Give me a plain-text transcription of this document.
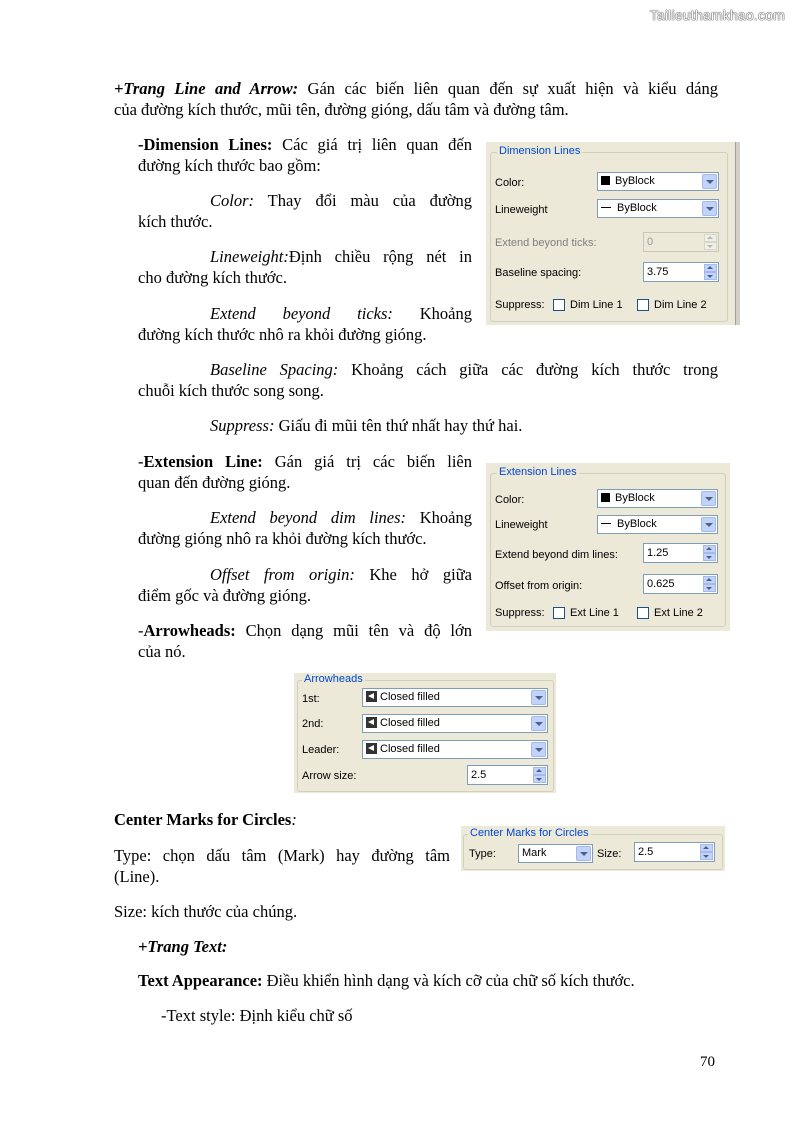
Tailieuthamkhao.com
+Trang Line and Arrow: Gán các biến liên quan đến sự xuất hiện và kiểu dáng
của đường kích thước, mũi tên, đường gióng, dấu tâm và đường tâm.
-Dimension Lines: Các giá trị liên quan đến
đường kích thước bao gồm:
Color: Thay đổi màu của đường
kích thước.
Lineweight:Định chiều rộng nét in
cho đường kích thước.
Extend beyond ticks: Khoảng
đường kích thước nhô ra khỏi đường gióng.
Baseline Spacing: Khoảng cách giữa các đường kích thước trong
chuỗi kích thước song song.
Suppress: Giấu đi mũi tên thứ nhất hay thứ hai.
-Extension Line: Gán giá trị các biến liên
quan đến đường gióng.
Extend beyond dim lines: Khoảng
đường gióng nhô ra khỏi đường kích thước.
Offset from origin: Khe hở giữa
điểm gốc và đường gióng.
-Arrowheads: Chọn dạng mũi tên và độ lớn
của nó.
Center Marks for Circles:
Type: chọn dấu tâm (Mark) hay đường tâm
(Line).
Size: kích thước của chúng.
+Trang Text:
Text Appearance: Điều khiển hình dạng và kích cỡ của chữ số kích thước.
-Text style: Định kiểu chữ số
70
Dimension Lines
Color:	ByBlock
Lineweight	ByBlock
Extend beyond ticks:	0
Baseline spacing:	3.75
Suppress: Dim Line 1	Dim Line 2
Extension Lines
Color:	ByBlock
Lineweight	ByBlock
Extend beyond dim lines:	1.25
Offset from origin:	0.625
Suppress: Ext Line 1	Ext Line 2
Arrowheads
1st:	Closed filled
2nd:	Closed filled
Leader:	Closed filled
Arrow size:	2.5
Center Marks for Circles
Type: Mark	Size: 2.5
